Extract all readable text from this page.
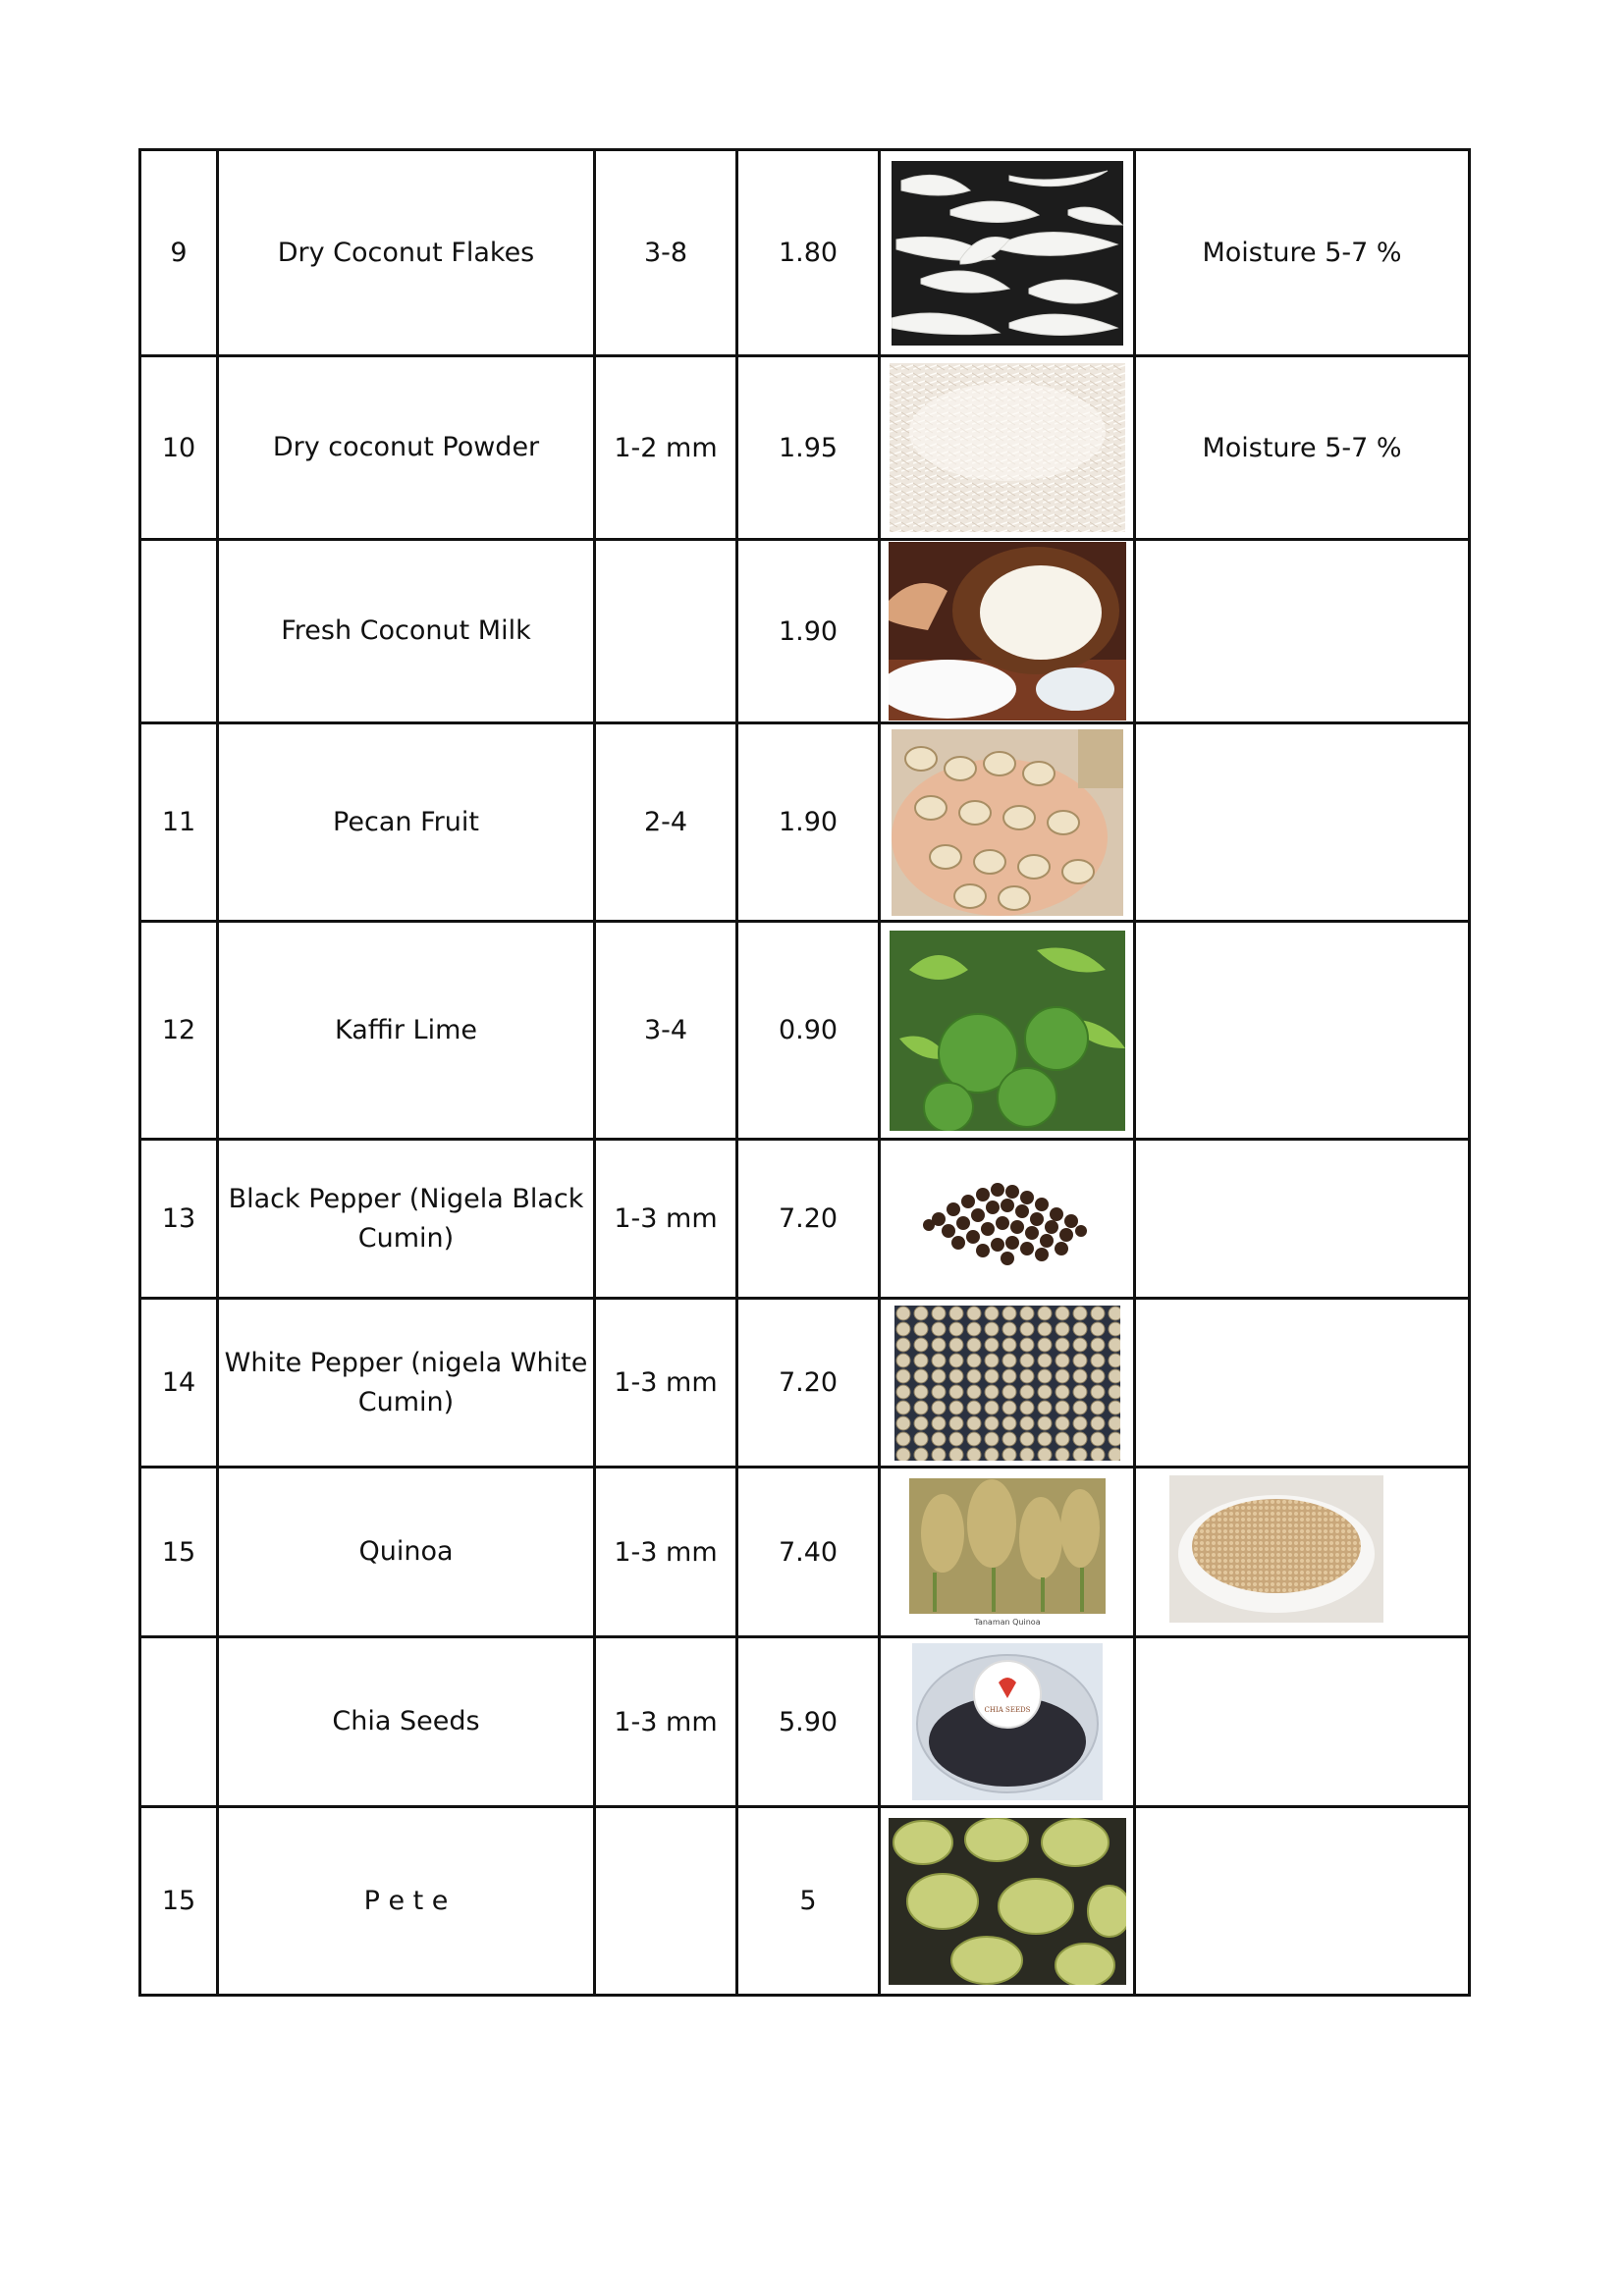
9	Dry Coconut Flakes	3-8	1.80		Moisture 5-7 %
10	Dry coconut Powder	1-2 mm	1.95		Moisture 5-7 %
	Fresh Coconut Milk		1.90	

11	Pecan Fruit	2-4	1.90	

12	Kaffir Lime	3-4	0.90	

13	Black Pepper (Nigela Black Cumin)	1-3 mm	7.20	

14	White Pepper (nigela White Cumin)	1-3 mm	7.20	

15	Quinoa	1-3 mm	7.40	Tanaman Quinoa

	Chia Seeds	1-3 mm	5.90	CHIA SEEDS	

15	P e t e		5	
